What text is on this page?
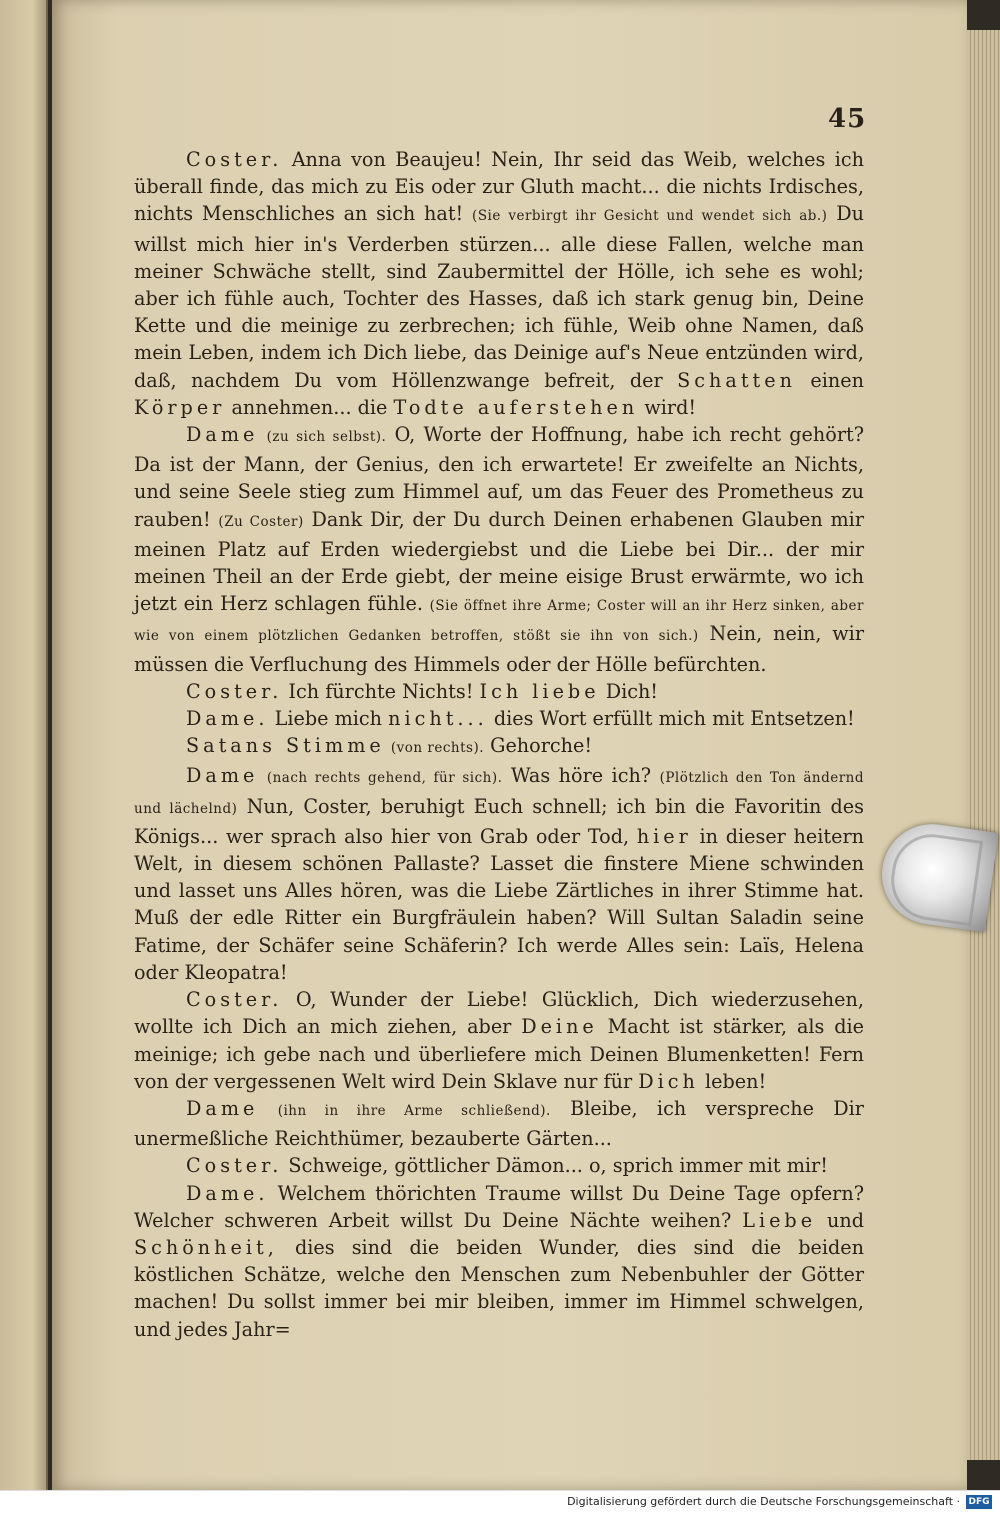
45

Coster. Anna von Beaujeu! Nein, Ihr seid das Weib, welches ich überall finde, das mich zu Eis oder zur Gluth macht... die nichts Irdisches, nichts Menschliches an sich hat! (Sie verbirgt ihr Gesicht und wendet sich ab.) Du willst mich hier in's Verderben stürzen... alle diese Fallen, welche man meiner Schwäche stellt, sind Zaubermittel der Hölle, ich sehe es wohl; aber ich fühle auch, Tochter des Hasses, daß ich stark genug bin, Deine Kette und die meinige zu zerbrechen; ich fühle, Weib ohne Namen, daß mein Leben, indem ich Dich liebe, das Deinige auf's Neue entzünden wird, daß, nachdem Du vom Höllenzwange befreit, der Schatten einen Körper annehmen... die Todte auferstehen wird!

Dame (zu sich selbst). O, Worte der Hoffnung, habe ich recht gehört? Da ist der Mann, der Genius, den ich erwartete! Er zweifelte an Nichts, und seine Seele stieg zum Himmel auf, um das Feuer des Prometheus zu rauben! (Zu Coster) Dank Dir, der Du durch Deinen erhabenen Glauben mir meinen Platz auf Erden wiedergiebst und die Liebe bei Dir... der mir meinen Theil an der Erde giebt, der meine eisige Brust erwärmte, wo ich jetzt ein Herz schlagen fühle. (Sie öffnet ihre Arme; Coster will an ihr Herz sinken, aber wie von einem plötzlichen Gedanken betroffen, stößt sie ihn von sich.) Nein, nein, wir müssen die Verfluchung des Himmels oder der Hölle befürchten.

Coster. Ich fürchte Nichts! Ich liebe Dich!

Dame. Liebe mich nicht... dies Wort erfüllt mich mit Entsetzen!

Satans Stimme (von rechts). Gehorche!

Dame (nach rechts gehend, für sich). Was höre ich? (Plötzlich den Ton ändernd und lächelnd) Nun, Coster, beruhigt Euch schnell; ich bin die Favoritin des Königs... wer sprach also hier von Grab oder Tod, hier in dieser heitern Welt, in diesem schönen Pallaste? Lasset die finstere Miene schwinden und lasset uns Alles hören, was die Liebe Zärtliches in ihrer Stimme hat. Muß der edle Ritter ein Burgfräulein haben? Will Sultan Saladin seine Fatime, der Schäfer seine Schäferin? Ich werde Alles sein: Laïs, Helena oder Kleopatra!

Coster. O, Wunder der Liebe! Glücklich, Dich wiederzusehen, wollte ich Dich an mich ziehen, aber Deine Macht ist stärker, als die meinige; ich gebe nach und überliefere mich Deinen Blumenketten! Fern von der vergessenen Welt wird Dein Sklave nur für Dich leben!

Dame (ihn in ihre Arme schließend). Bleibe, ich verspreche Dir unermeßliche Reichthümer, bezauberte Gärten...

Coster. Schweige, göttlicher Dämon... o, sprich immer mit mir!

Dame. Welchem thörichten Traume willst Du Deine Tage opfern? Welcher schweren Arbeit willst Du Deine Nächte weihen? Liebe und Schönheit, dies sind die beiden Wunder, dies sind die beiden köstlichen Schätze, welche den Menschen zum Nebenbuhler der Götter machen! Du sollst immer bei mir bleiben, immer im Himmel schwelgen, und jedes Jahr=

Digitalisierung gefördert durch die Deutsche Forschungsgemeinschaft · DFG
